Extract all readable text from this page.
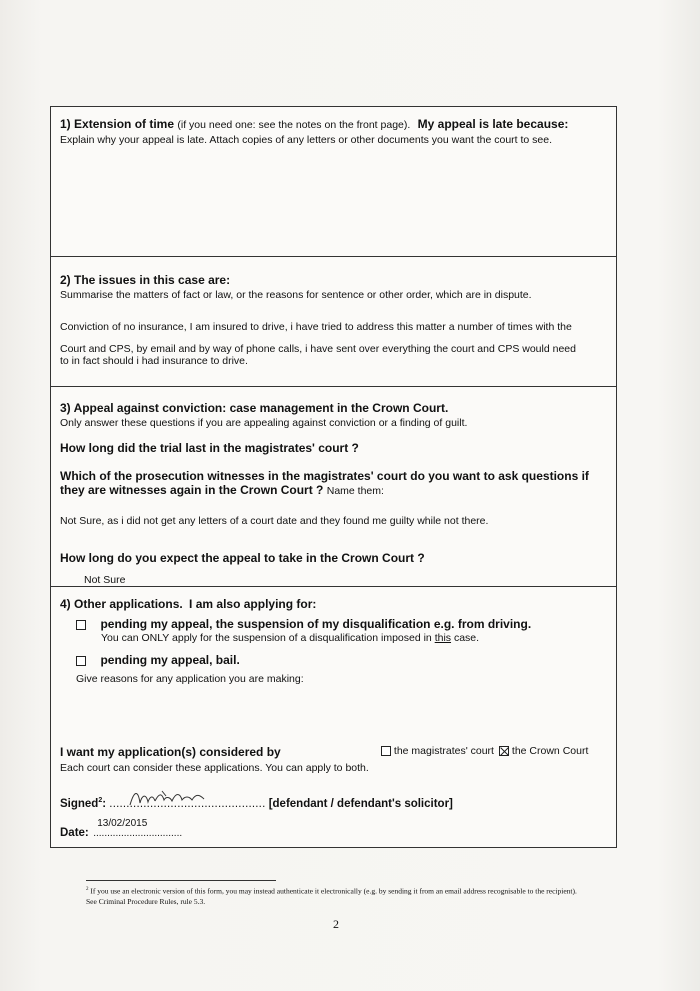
1) Extension of time (if you need one: see the notes on the front page). My appeal is late because:

Explain why your appeal is late. Attach copies of any letters or other documents you want the court to see.

2) The issues in this case are:

Summarise the matters of fact or law, or the reasons for sentence or other order, which are in dispute.

Conviction of no insurance, I am insured to drive, i have tried to address this matter a number of times with the

Court and CPS, by email and by way of phone calls, i have sent over everything the court and CPS would need

to in fact should i had insurance to drive.

3) Appeal against conviction: case management in the Crown Court.

Only answer these questions if you are appealing against conviction or a finding of guilt.

How long did the trial last in the magistrates' court ?

Which of the prosecution witnesses in the magistrates' court do you want to ask questions if

they are witnesses again in the Crown Court ? Name them:

Not Sure, as i did not get any letters of a court date and they found me guilty while not there.

How long do you expect the appeal to take in the Crown Court ?

Not Sure

4) Other applications. I am also applying for:

pending my appeal, the suspension of my disqualification e.g. from driving.

You can ONLY apply for the suspension of a disqualification imposed in this case.

pending my appeal, bail.

Give reasons for any application you are making:

I want my application(s) considered by	the magistrates' court	the Crown Court

Each court can consider these applications. You can apply to both.

Signed$^2$: .............................................. [defendant / defendant's solicitor]
Date:
13/02/2015
................................
$^2$ If you use an electronic version of this form, you may instead authenticate it electronically (e.g. by sending it from an email address recognisable to the recipient). See Criminal Procedure Rules, rule 5.3.
2
